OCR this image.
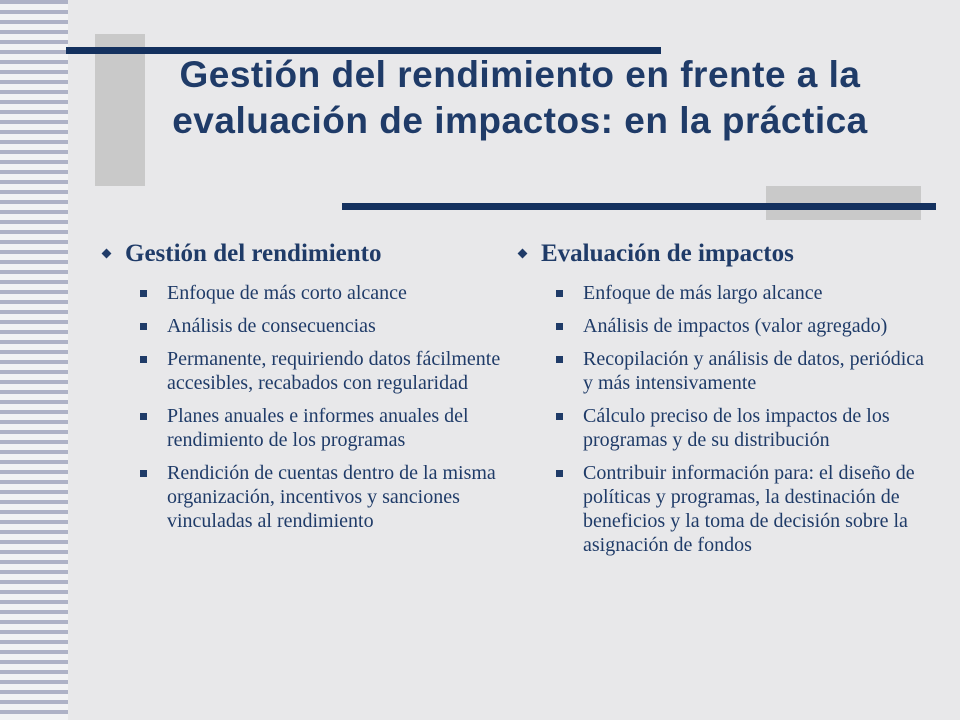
Gestión del rendimiento en frente a la evaluación de impactos: en la práctica
Gestión del rendimiento
Enfoque de más corto alcance
Análisis de consecuencias
Permanente, requiriendo datos fácilmente accesibles, recabados con regularidad
Planes anuales e informes anuales del rendimiento de los programas
Rendición de cuentas dentro de la misma organización, incentivos y sanciones vinculadas al rendimiento
Evaluación de impactos
Enfoque de más largo alcance
Análisis de impactos (valor agregado)
Recopilación y análisis de datos, periódica y más intensivamente
Cálculo preciso de los impactos de los programas y de su distribución
Contribuir información para: el diseño de políticas y programas, la destinación de beneficios y la toma de decisión sobre la asignación de fondos
